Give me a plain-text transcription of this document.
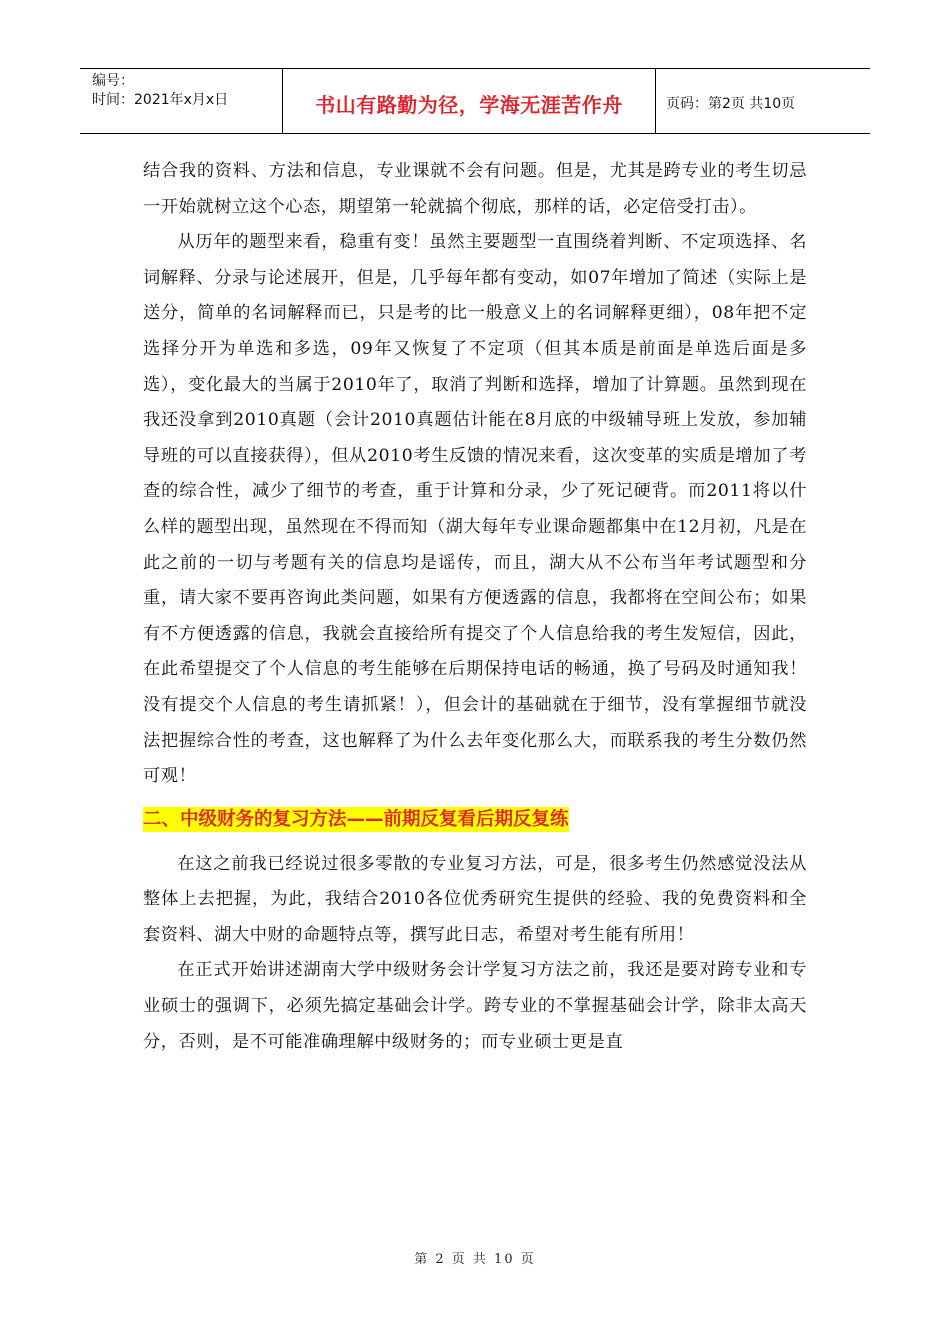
编号：
时间：2021年x月x日	书山有路勤为径，学海无涯苦作舟	页码：第2页 共10页

结合我的资料、方法和信息，专业课就不会有问题。但是，尤其是跨专业的考生切忌一开始就树立这个心态，期望第一轮就搞个彻底，那样的话，必定倍受打击）。

从历年的题型来看，稳重有变！虽然主要题型一直围绕着判断、不定项选择、名词解释、分录与论述展开，但是，几乎每年都有变动，如07年增加了简述（实际上是送分，简单的名词解释而已，只是考的比一般意义上的名词解释更细），08年把不定选择分开为单选和多选，09年又恢复了不定项（但其本质是前面是单选后面是多选），变化最大的当属于2010年了，取消了判断和选择，增加了计算题。虽然到现在我还没拿到2010真题（会计2010真题估计能在8月底的中级辅导班上发放，参加辅导班的可以直接获得），但从2010考生反馈的情况来看，这次变革的实质是增加了考查的综合性，减少了细节的考查，重于计算和分录，少了死记硬背。而2011将以什么样的题型出现，虽然现在不得而知（湖大每年专业课命题都集中在12月初，凡是在此之前的一切与考题有关的信息均是谣传，而且，湖大从不公布当年考试题型和分重，请大家不要再咨询此类问题，如果有方便透露的信息，我都将在空间公布；如果有不方便透露的信息，我就会直接给所有提交了个人信息给我的考生发短信，因此，在此希望提交了个人信息的考生能够在后期保持电话的畅通，换了号码及时通知我！没有提交个人信息的考生请抓紧！），但会计的基础就在于细节，没有掌握细节就没法把握综合性的考查，这也解释了为什么去年变化那么大，而联系我的考生分数仍然可观！

二、中级财务的复习方法——前期反复看后期反复练

在这之前我已经说过很多零散的专业复习方法，可是，很多考生仍然感觉没法从整体上去把握，为此，我结合2010各位优秀研究生提供的经验、我的免费资料和全套资料、湖大中财的命题特点等，撰写此日志，希望对考生能有所用！

在正式开始讲述湖南大学中级财务会计学复习方法之前，我还是要对跨专业和专业硕士的强调下，必须先搞定基础会计学。跨专业的不掌握基础会计学，除非太高天分，否则，是不可能准确理解中级财务的；而专业硕士更是直

第 2 页 共 10 页
